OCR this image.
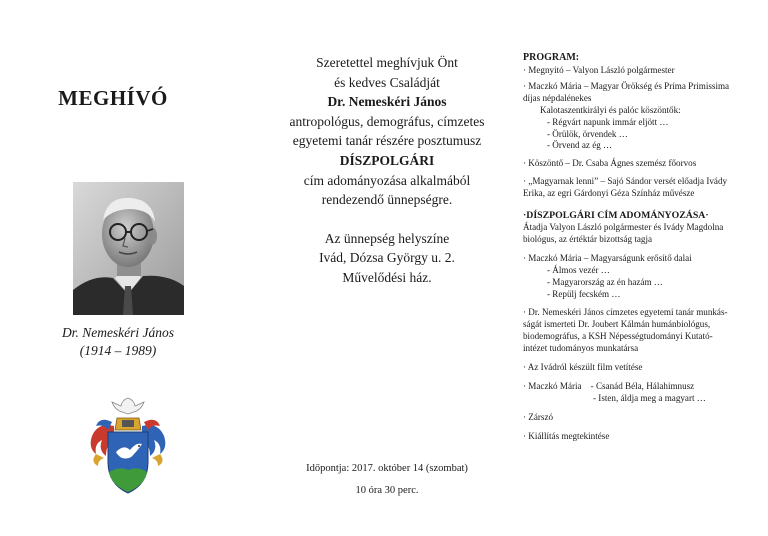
MEGHÍVÓ
Dr. Nemeskéri János
(1914 – 1989)
Szeretettel meghívjuk Önt
és kedves Családját
Dr. Nemeskéri János
antropológus, demográfus, címzetes
egyetemi tanár részére posztumusz
DÍSZPOLGÁRI
cím adományozása alkalmából
rendezendő ünnepségre.
Az ünnepség helyszíne
Ivád, Dózsa György u. 2.
Művelődési ház.
Időpontja: 2017. október 14 (szombat)
10 óra 30 perc.
PROGRAM:
· Megnyitó – Valyon László polgármester
· Maczkó Mária – Magyar Örökség és Príma Primissima
díjas népdalénekes
Kalotaszentkirályi és palóc köszöntők:
- Régvárt napunk immár eljött …
- Örülök, örvendek …
- Örvend az ég …
· Köszöntő – Dr. Csaba Ágnes szemész főorvos
· „Magyarnak lenni” – Sajó Sándor versét előadja Ivády
Erika, az egri Gárdonyi Géza Színház művésze
·DÍSZPOLGÁRI CÍM ADOMÁNYOZÁSA·
Átadja Valyon László polgármester és Ivády Magdolna
biológus, az értéktár bizottság tagja
· Maczkó Mária – Magyarságunk erősítő dalai
- Álmos vezér …
- Magyarország az én hazám …
- Repülj fecském …
· Dr. Nemeskéri János címzetes egyetemi tanár munkás-
ságát ismerteti Dr. Joubert Kálmán humánbiológus,
biodemográfus, a KSH Népességtudományi Kutató-
intézet tudományos munkatársa
· Az Ivádról készült film vetítése
· Maczkó Mária    - Csanád Béla, Hálahimnusz
- Isten, áldja meg a magyart …
· Zárszó
· Kiállítás megtekintése
